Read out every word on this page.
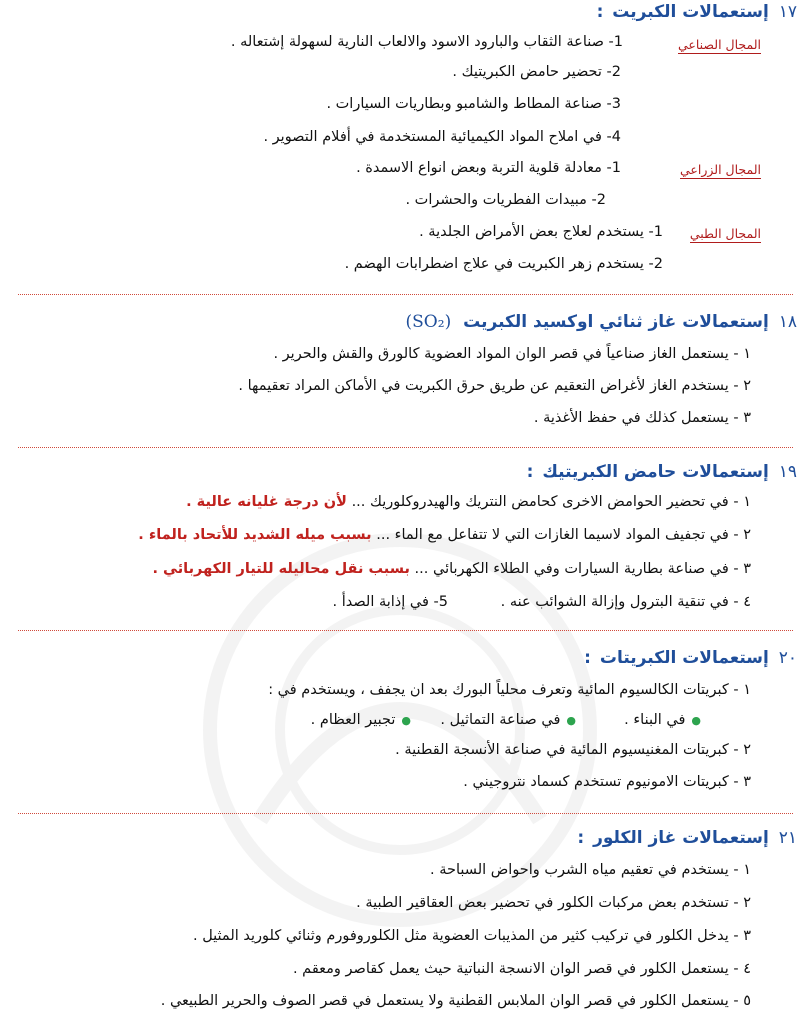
١٧ إستعمالات الكبريت :
المجال الصناعي
1- صناعة الثقاب والبارود الاسود والالعاب النارية لسهولة إشتعاله .
2- تحضير حامض الكبريتيك .
3- صناعة المطاط والشامبو وبطاريات السيارات .
4- في املاح المواد الكيميائية المستخدمة في أفلام التصوير .
المجال الزراعي
1- معادلة قلوية التربة وبعض انواع الاسمدة .
2- مبيدات الفطريات والحشرات .
المجال الطبي
1- يستخدم لعلاج بعض الأمراض الجلدية .
2- يستخدم زهر الكبريت في علاج اضطرابات الهضم .
١٨ إستعمالات غاز ثنائي اوكسيد الكبريت (SO₂)
١ - يستعمل الغاز صناعياً في قصر الوان المواد العضوية كالورق والقش والحرير .
٢ - يستخدم الغاز لأغراض التعقيم عن طريق حرق الكبريت في الأماكن المراد تعقيمها .
٣ - يستعمل كذلك في حفظ الأغذية .
١٩ إستعمالات حامض الكبريتيك :
١ - في تحضير الحوامض الاخرى كحامض النتريك والهيدروكلوريك ... لأن درجة غليانه عالية .
٢ - في تجفيف المواد لاسيما الغازات التي لا تتفاعل مع الماء ... بسبب ميله الشديد للأتحاد بالماء .
٣ - في صناعة بطارية السيارات وفي الطلاء الكهربائي ... بسبب نقل محاليله للتيار الكهربائي .
٤ - في تنقية البترول وإزالة الشوائب عنه .
5- في إذابة الصدأ .
٢٠ إستعمالات الكبريتات :
١ - كبريتات الكالسيوم المائية وتعرف محلياً البورك بعد ان يجفف ، ويستخدم في :
●في البناء .
●في صناعة التماثيل .
●تجبير العظام .
٢ - كبريتات المغنيسيوم المائية في صناعة الأنسجة القطنية .
٣ - كبريتات الامونيوم تستخدم كسماد نتروجيني .
٢١ إستعمالات غاز الكلور :
١ - يستخدم في تعقيم مياه الشرب واحواض السباحة .
٢ - تستخدم بعض مركبات الكلور في تحضير بعض العقاقير الطبية .
٣ - يدخل الكلور في تركيب كثير من المذيبات العضوية مثل الكلوروفورم وثنائي كلوريد المثيل .
٤ - يستعمل الكلور في قصر الوان الانسجة النباتية حيث يعمل كقاصر ومعقم .
٥ - يستعمل الكلور في قصر الوان الملابس القطنية ولا يستعمل في قصر الصوف والحرير الطبيعي .
